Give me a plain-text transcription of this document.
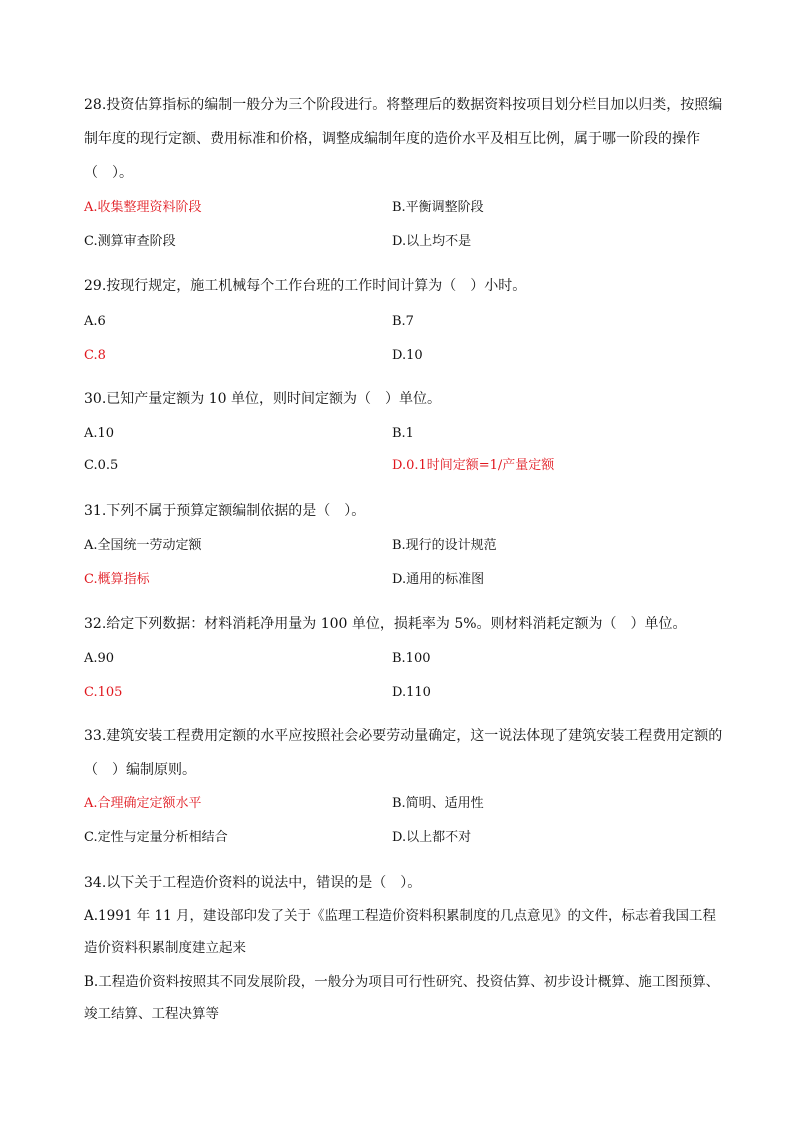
28.投资估算指标的编制一般分为三个阶段进行。将整理后的数据资料按项目划分栏目加以归类，按照编制年度的现行定额、费用标准和价格，调整成编制年度的造价水平及相互比例，属于哪一阶段的操作（　）。
A.收集整理资料阶段	B.平衡调整阶段
C.测算审查阶段	D.以上均不是
29.按现行规定，施工机械每个工作台班的工作时间计算为（　）小时。
A.6	B.7
C.8	D.10
30.已知产量定额为 10 单位，则时间定额为（　）单位。
A.10	B.1
C.0.5	D.0.1时间定额=1/产量定额
31.下列不属于预算定额编制依据的是（　）。
A.全国统一劳动定额	B.现行的设计规范
C.概算指标	D.通用的标准图
32.给定下列数据：材料消耗净用量为 100 单位，损耗率为 5%。则材料消耗定额为（　）单位。
A.90	B.100
C.105	D.110
33.建筑安装工程费用定额的水平应按照社会必要劳动量确定，这一说法体现了建筑安装工程费用定额的（　）编制原则。
A.合理确定定额水平	B.简明、适用性
C.定性与定量分析相结合	D.以上都不对
34.以下关于工程造价资料的说法中，错误的是（　）。
A.1991 年 11 月，建设部印发了关于《监理工程造价资料积累制度的几点意见》的文件，标志着我国工程造价资料积累制度建立起来
B.工程造价资料按照其不同发展阶段，一般分为项目可行性研究、投资估算、初步设计概算、施工图预算、竣工结算、工程决算等
